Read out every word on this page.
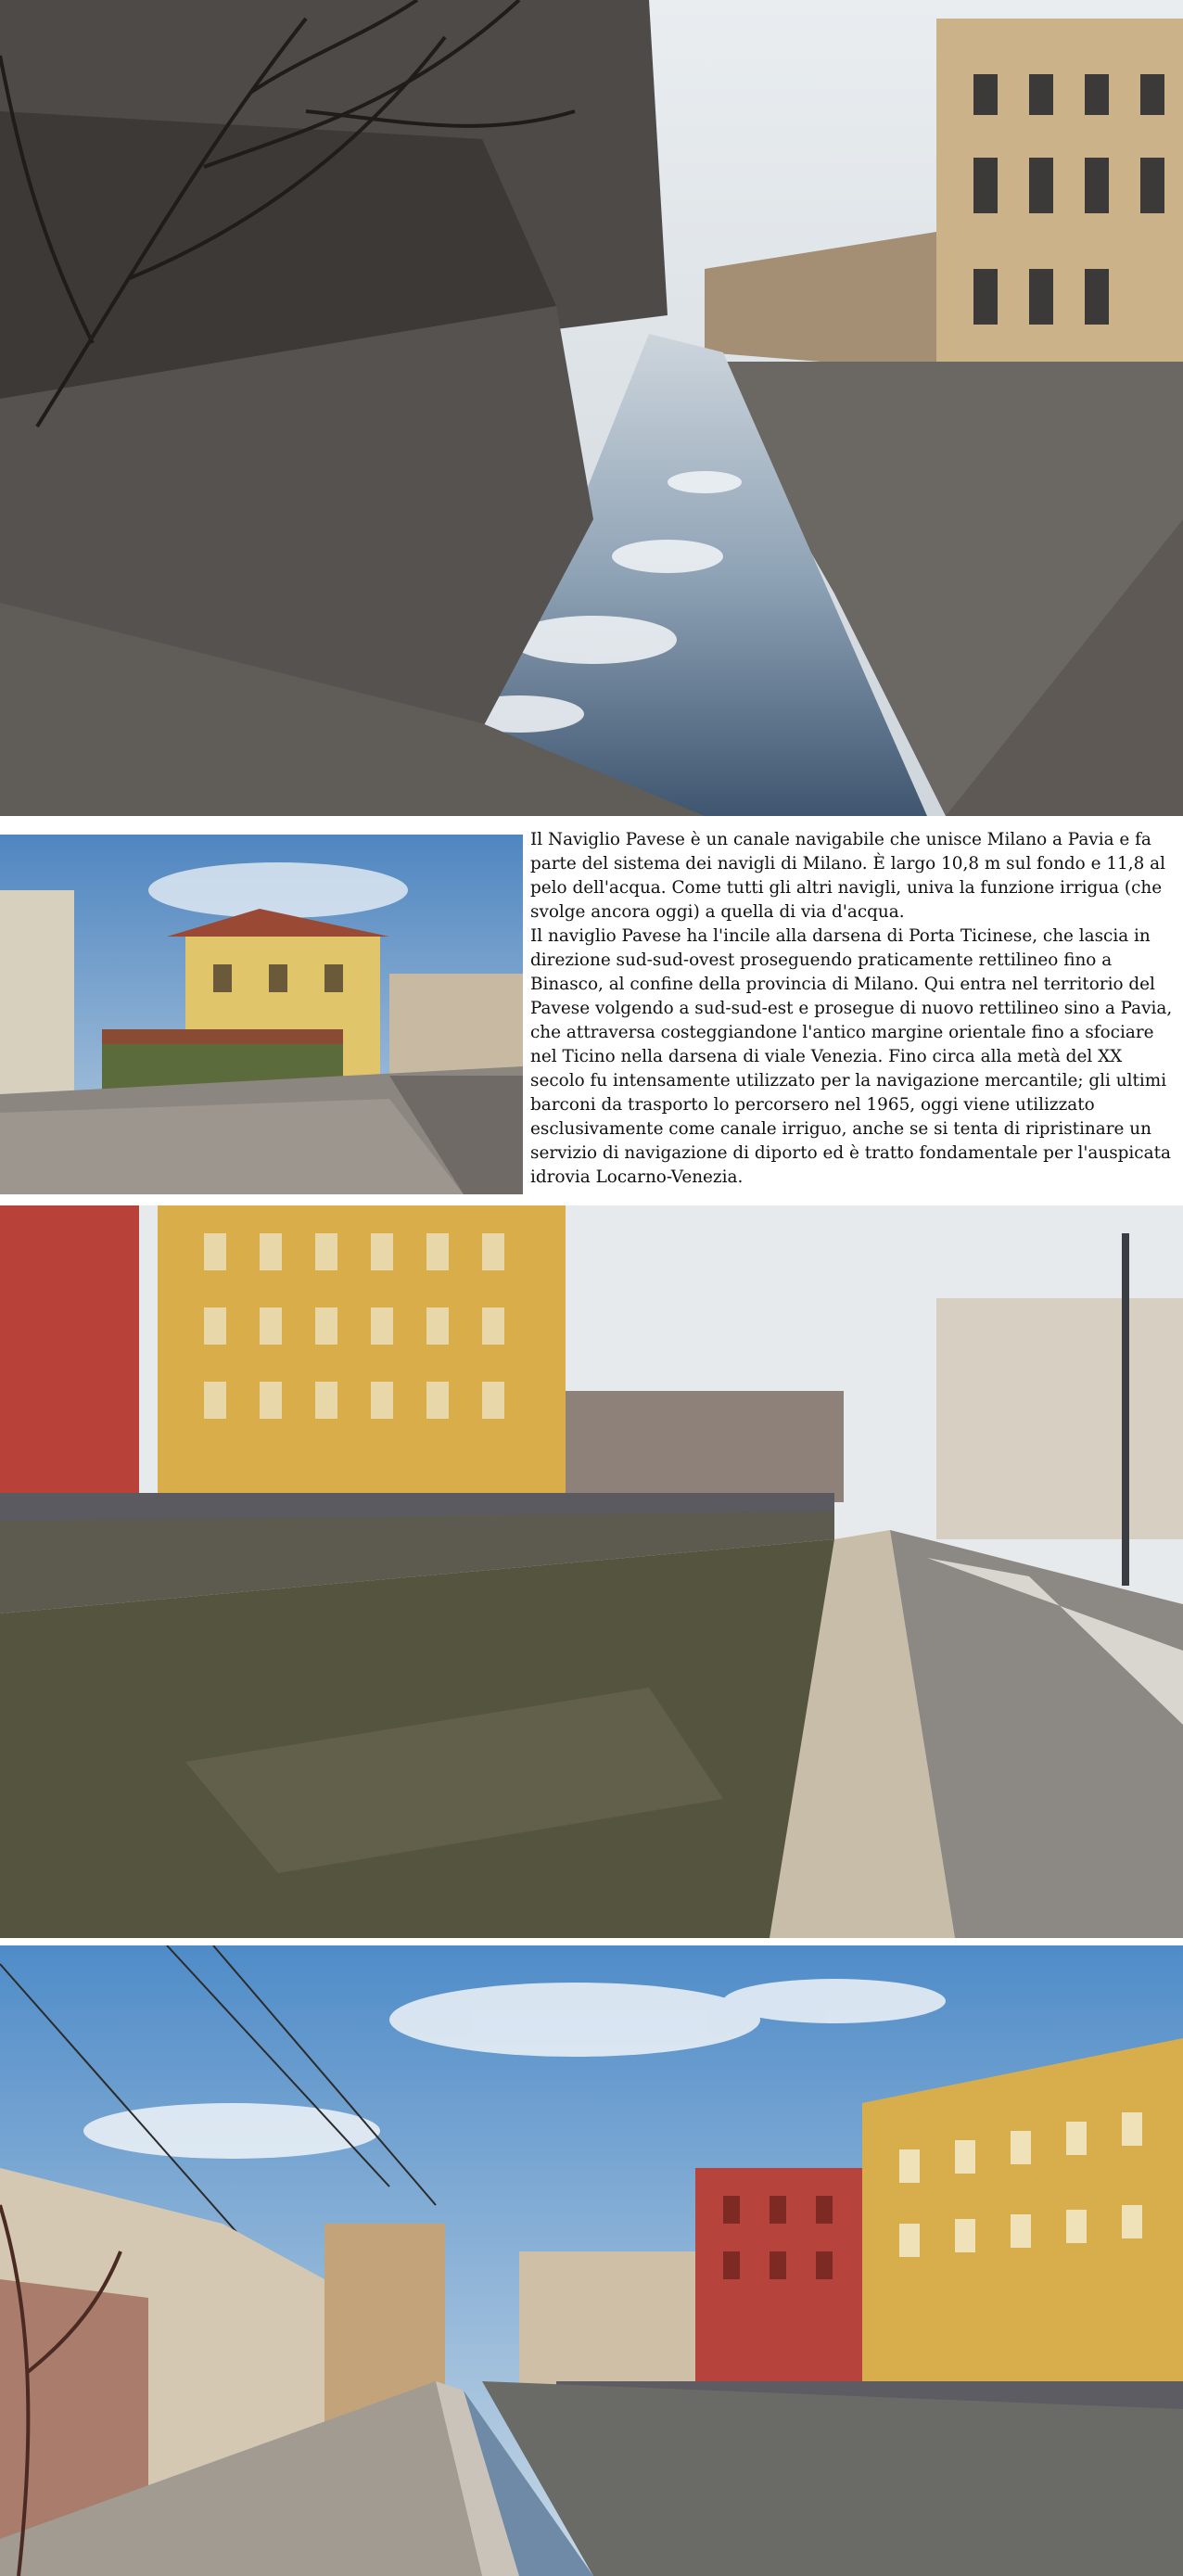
Il Naviglio Pavese è un canale navigabile che unisce Milano a Pavia e fa parte del sistema dei navigli di Milano. È largo 10,8 m sul fondo e 11,8 al pelo dell'acqua. Come tutti gli altri navigli, univa la funzione irrigua (che svolge ancora oggi) a quella di via d'acqua.

Il naviglio Pavese ha l'incile alla darsena di Porta Ticinese, che lascia in direzione sud-sud-ovest proseguendo praticamente rettilineo fino a Binasco, al confine della provincia di Milano. Qui entra nel territorio del Pavese volgendo a sud-sud-est e prosegue di nuovo rettilineo sino a Pavia, che attraversa costeggiandone l'antico margine orientale fino a sfociare nel Ticino nella darsena di viale Venezia. Fino circa alla metà del XX secolo fu intensamente utilizzato per la navigazione mercantile; gli ultimi barconi da trasporto lo percorsero nel 1965, oggi viene utilizzato esclusivamente come canale irriguo, anche se si tenta di ripristinare un servizio di navigazione di diporto ed è tratto fondamentale per l'auspicata idrovia Locarno-Venezia.
